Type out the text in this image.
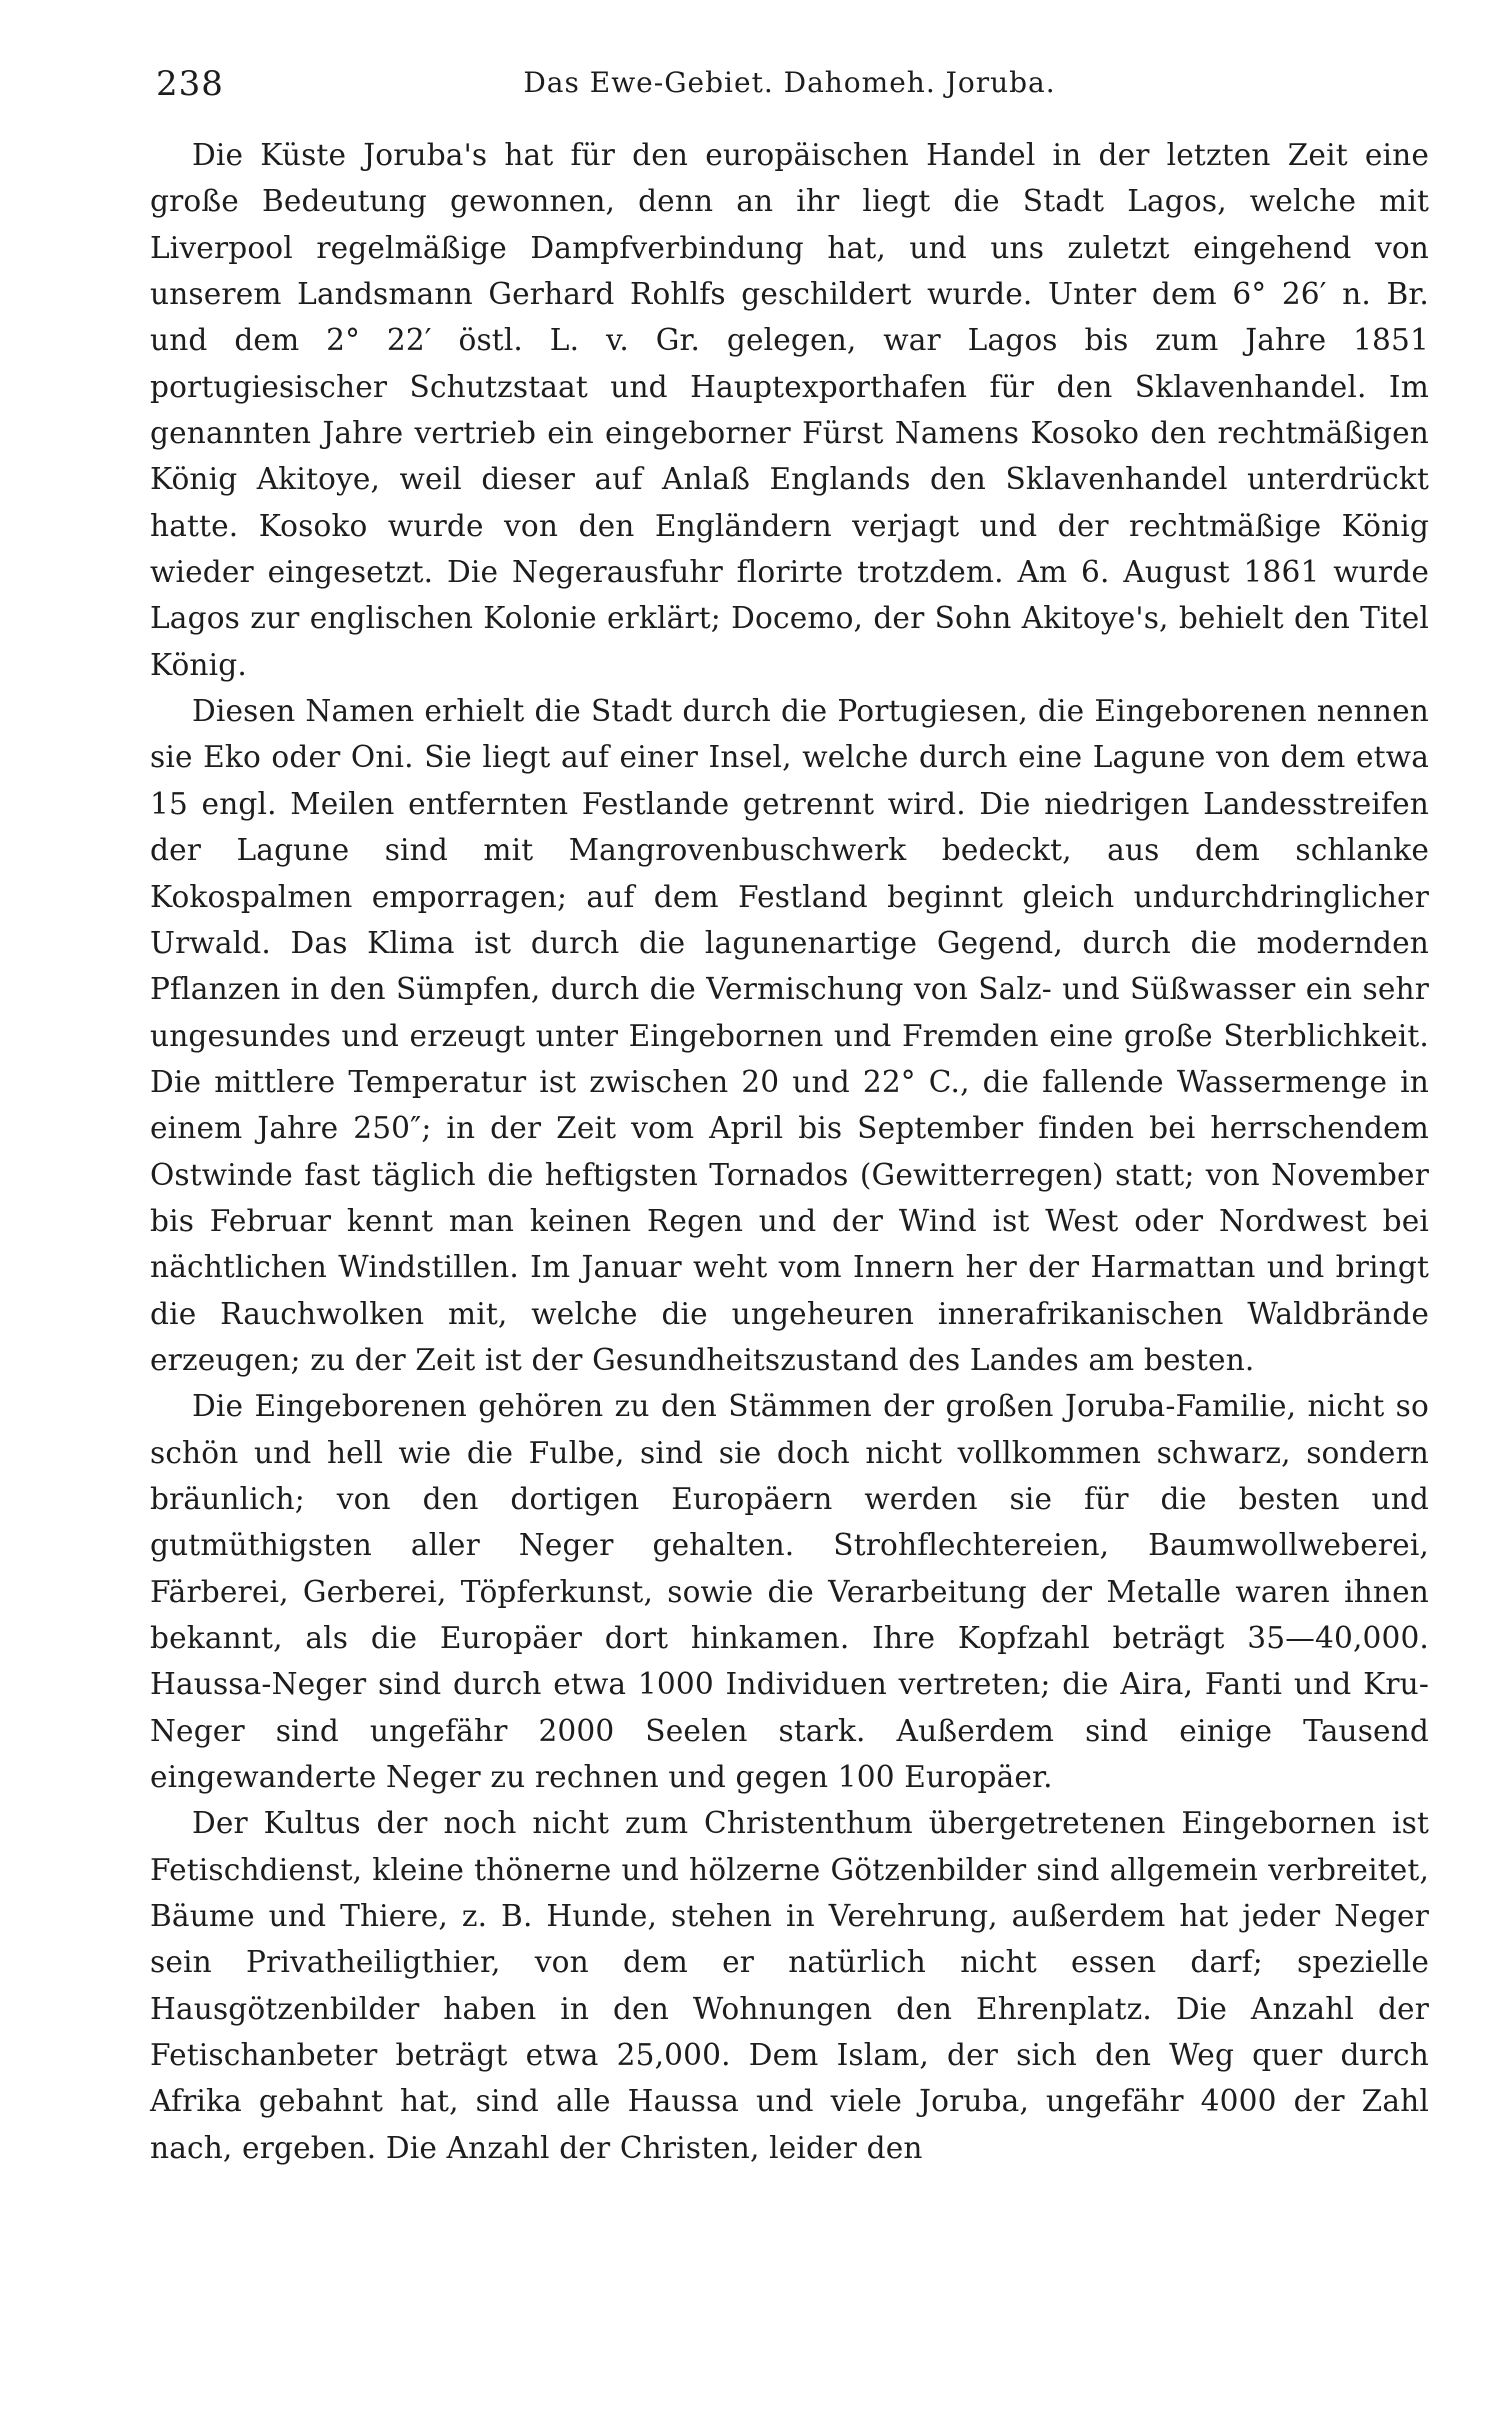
238	Das Ewe-Gebiet. Dahomeh. Joruba.

Die Küste Joruba's hat für den europäischen Handel in der letzten Zeit eine große Bedeutung gewonnen, denn an ihr liegt die Stadt Lagos, welche mit Liverpool regelmäßige Dampfverbindung hat, und uns zuletzt eingehend von unserem Landsmann Gerhard Rohlfs geschildert wurde. Unter dem 6° 26′ n. Br. und dem 2° 22′ östl. L. v. Gr. gelegen, war Lagos bis zum Jahre 1851 portugiesischer Schutzstaat und Hauptexporthafen für den Sklavenhandel. Im genannten Jahre vertrieb ein eingeborner Fürst Namens Kosoko den rechtmäßigen König Akitoye, weil dieser auf Anlaß Englands den Sklavenhandel unterdrückt hatte. Kosoko wurde von den Engländern verjagt und der rechtmäßige König wieder eingesetzt. Die Negerausfuhr florirte trotzdem. Am 6. August 1861 wurde Lagos zur englischen Kolonie erklärt; Docemo, der Sohn Akitoye's, behielt den Titel König.

Diesen Namen erhielt die Stadt durch die Portugiesen, die Eingeborenen nennen sie Eko oder Oni. Sie liegt auf einer Insel, welche durch eine Lagune von dem etwa 15 engl. Meilen entfernten Festlande getrennt wird. Die niedrigen Landesstreifen der Lagune sind mit Mangrovenbuschwerk bedeckt, aus dem schlanke Kokospalmen emporragen; auf dem Festland beginnt gleich undurchdringlicher Urwald. Das Klima ist durch die lagunenartige Gegend, durch die modernden Pflanzen in den Sümpfen, durch die Vermischung von Salz- und Süßwasser ein sehr ungesundes und erzeugt unter Eingebornen und Fremden eine große Sterblichkeit. Die mittlere Temperatur ist zwischen 20 und 22° C., die fallende Wassermenge in einem Jahre 250″; in der Zeit vom April bis September finden bei herrschendem Ostwinde fast täglich die heftigsten Tornados (Gewitterregen) statt; von November bis Februar kennt man keinen Regen und der Wind ist West oder Nordwest bei nächtlichen Windstillen. Im Januar weht vom Innern her der Harmattan und bringt die Rauchwolken mit, welche die ungeheuren innerafrikanischen Waldbrände erzeugen; zu der Zeit ist der Gesundheitszustand des Landes am besten.

Die Eingeborenen gehören zu den Stämmen der großen Joruba-Familie, nicht so schön und hell wie die Fulbe, sind sie doch nicht vollkommen schwarz, sondern bräunlich; von den dortigen Europäern werden sie für die besten und gutmüthigsten aller Neger gehalten. Strohflechtereien, Baumwollweberei, Färberei, Gerberei, Töpferkunst, sowie die Verarbeitung der Metalle waren ihnen bekannt, als die Europäer dort hinkamen. Ihre Kopfzahl beträgt 35—40,000. Haussa-Neger sind durch etwa 1000 Individuen vertreten; die Aira, Fanti und Kru-Neger sind ungefähr 2000 Seelen stark. Außerdem sind einige Tausend eingewanderte Neger zu rechnen und gegen 100 Europäer.

Der Kultus der noch nicht zum Christenthum übergetretenen Eingebornen ist Fetischdienst, kleine thönerne und hölzerne Götzenbilder sind allgemein verbreitet, Bäume und Thiere, z. B. Hunde, stehen in Verehrung, außerdem hat jeder Neger sein Privatheiligthier, von dem er natürlich nicht essen darf; spezielle Hausgötzenbilder haben in den Wohnungen den Ehrenplatz. Die Anzahl der Fetischanbeter beträgt etwa 25,000. Dem Islam, der sich den Weg quer durch Afrika gebahnt hat, sind alle Haussa und viele Joruba, ungefähr 4000 der Zahl nach, ergeben. Die Anzahl der Christen, leider den
